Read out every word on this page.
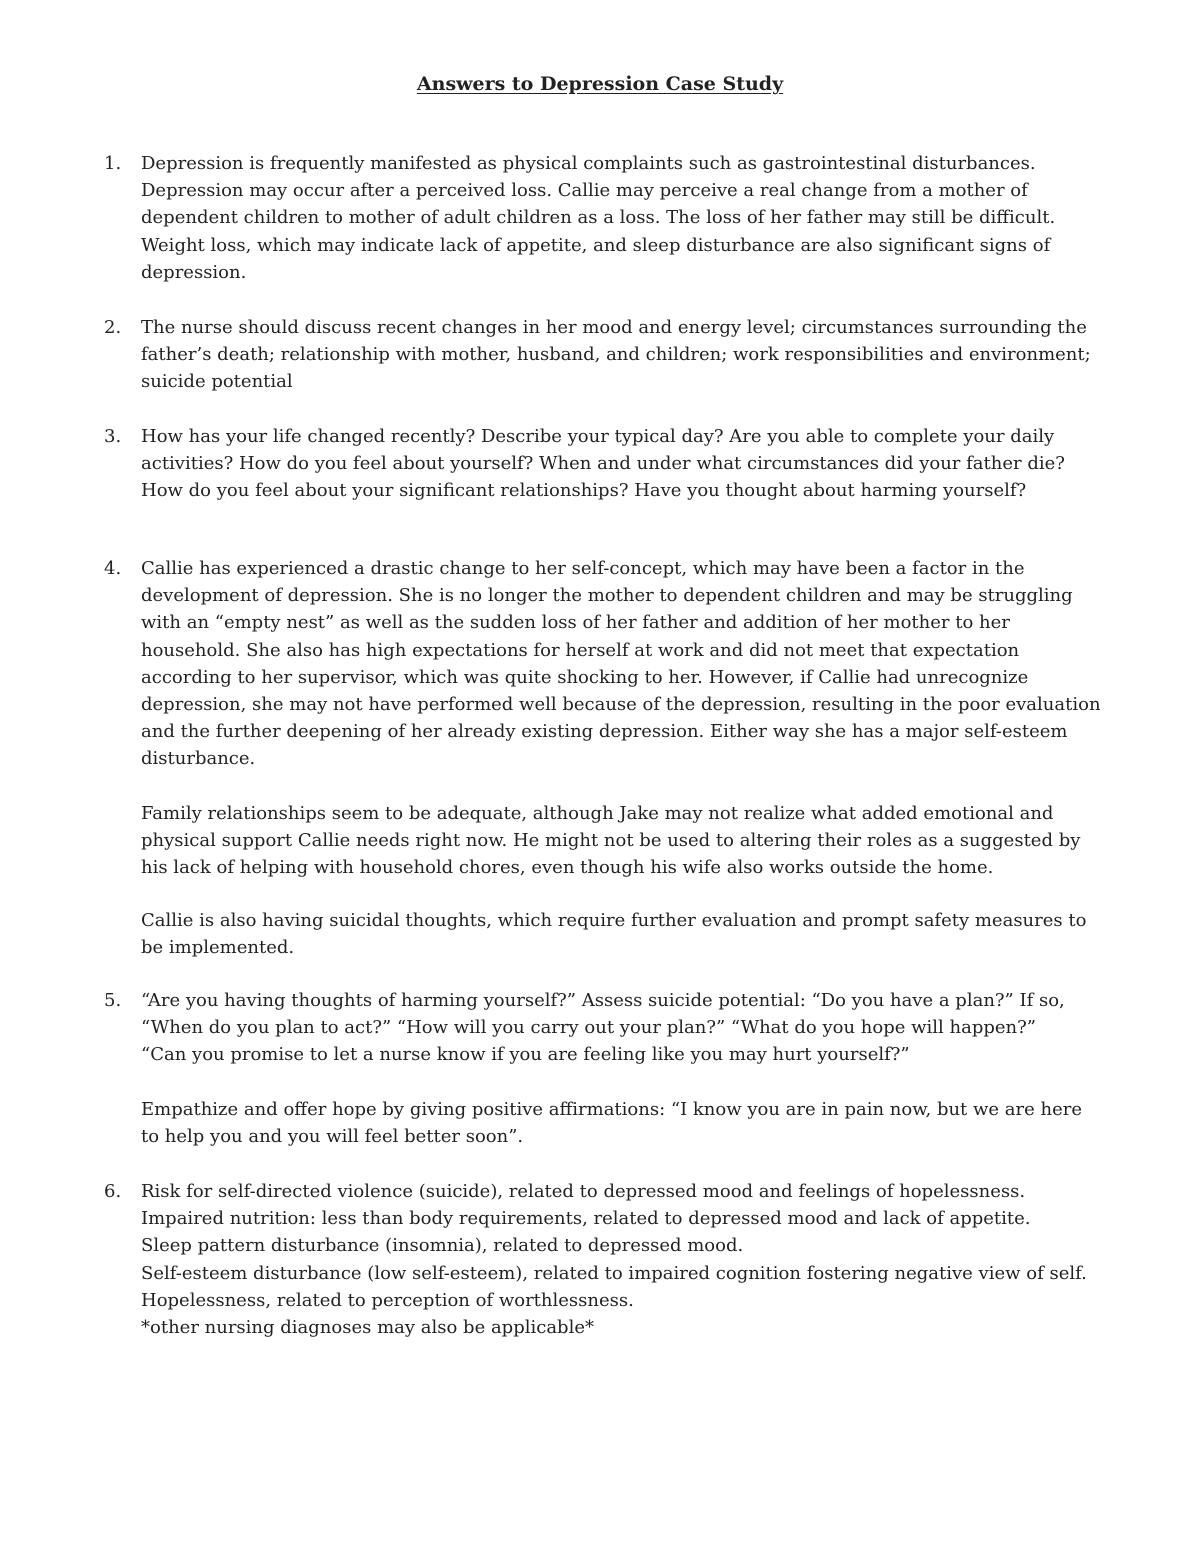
Answers to Depression Case Study
1. Depression is frequently manifested as physical complaints such as gastrointestinal disturbances.
Depression may occur after a perceived loss. Callie may perceive a real change from a mother of
dependent children to mother of adult children as a loss. The loss of her father may still be difficult.
Weight loss, which may indicate lack of appetite, and sleep disturbance are also significant signs of
depression.

2. The nurse should discuss recent changes in her mood and energy level; circumstances surrounding the
father’s death; relationship with mother, husband, and children; work responsibilities and environment;
suicide potential

3. How has your life changed recently? Describe your typical day? Are you able to complete your daily
activities? How do you feel about yourself? When and under what circumstances did your father die?
How do you feel about your significant relationships? Have you thought about harming yourself?

4. Callie has experienced a drastic change to her self-concept, which may have been a factor in the
development of depression. She is no longer the mother to dependent children and may be struggling
with an “empty nest” as well as the sudden loss of her father and addition of her mother to her
household. She also has high expectations for herself at work and did not meet that expectation
according to her supervisor, which was quite shocking to her. However, if Callie had unrecognize
depression, she may not have performed well because of the depression, resulting in the poor evaluation
and the further deepening of her already existing depression. Either way she has a major self-esteem
disturbance.

Family relationships seem to be adequate, although Jake may not realize what added emotional and
physical support Callie needs right now. He might not be used to altering their roles as a suggested by
his lack of helping with household chores, even though his wife also works outside the home.

Callie is also having suicidal thoughts, which require further evaluation and prompt safety measures to
be implemented.

5. “Are you having thoughts of harming yourself?” Assess suicide potential: “Do you have a plan?” If so,
“When do you plan to act?” “How will you carry out your plan?” “What do you hope will happen?”
“Can you promise to let a nurse know if you are feeling like you may hurt yourself?”

Empathize and offer hope by giving positive affirmations: “I know you are in pain now, but we are here
to help you and you will feel better soon”.

6. Risk for self-directed violence (suicide), related to depressed mood and feelings of hopelessness.
Impaired nutrition: less than body requirements, related to depressed mood and lack of appetite.
Sleep pattern disturbance (insomnia), related to depressed mood.
Self-esteem disturbance (low self-esteem), related to impaired cognition fostering negative view of self.
Hopelessness, related to perception of worthlessness.
*other nursing diagnoses may also be applicable*
